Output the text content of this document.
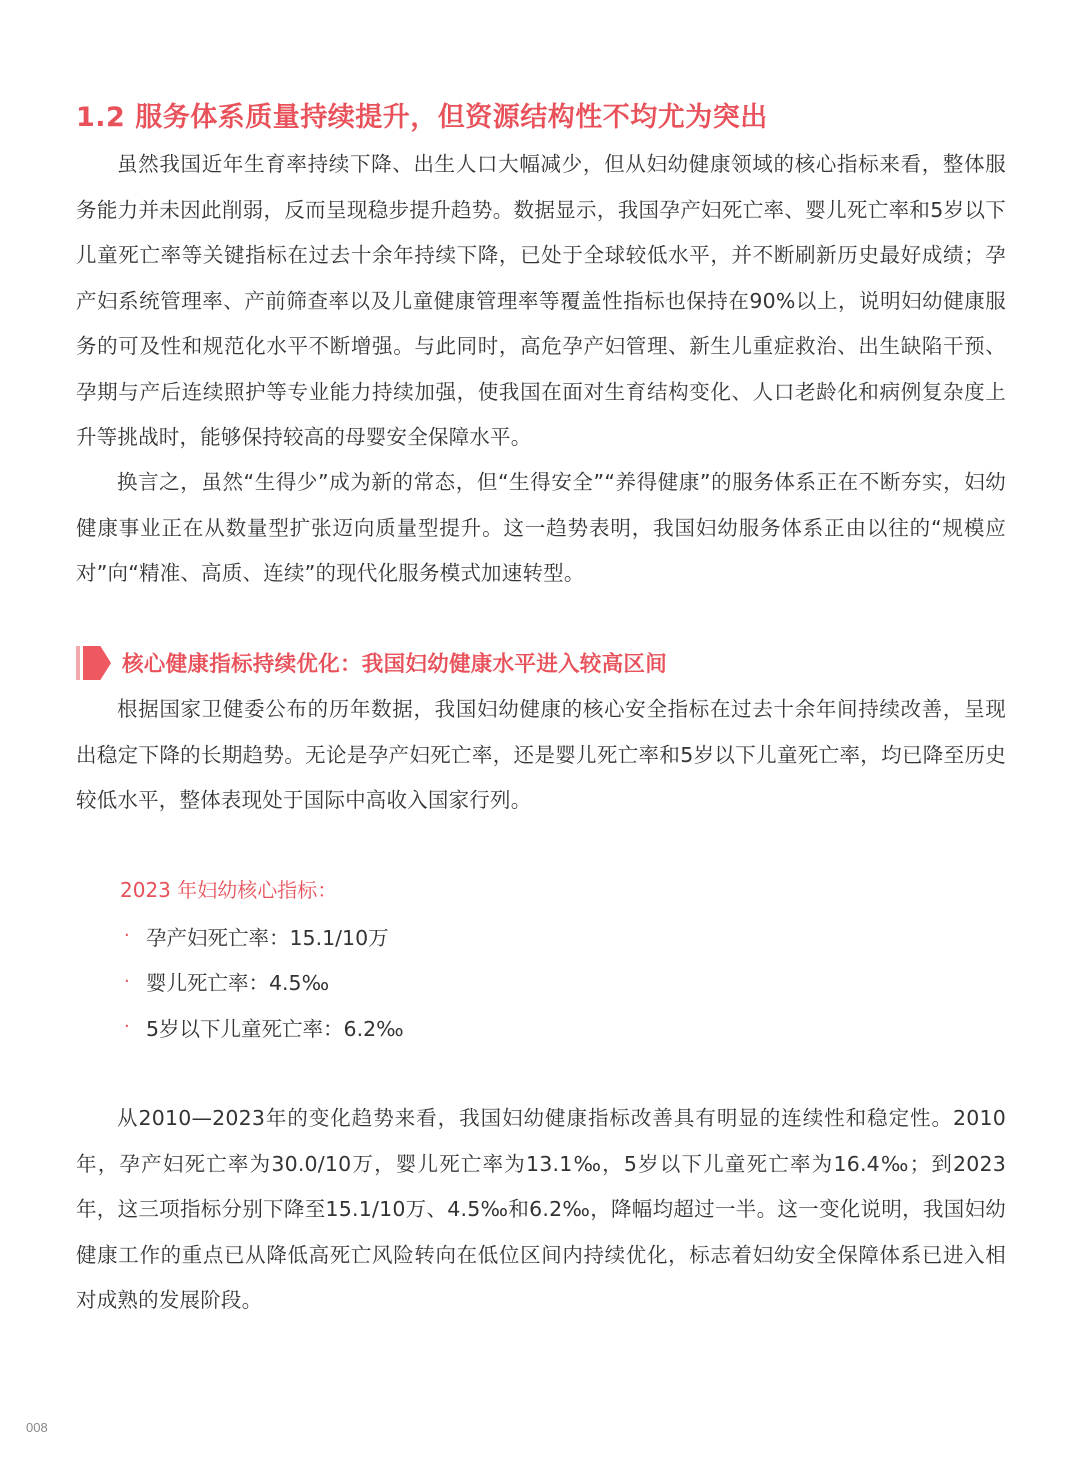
1.2 服务体系质量持续提升，但资源结构性不均尤为突出

虽然我国近年生育率持续下降、出生人口大幅减少，但从妇幼健康领域的核心指标来看，整体服务能力并未因此削弱，反而呈现稳步提升趋势。数据显示，我国孕产妇死亡率、婴儿死亡率和5岁以下儿童死亡率等关键指标在过去十余年持续下降，已处于全球较低水平，并不断刷新历史最好成绩；孕产妇系统管理率、产前筛查率以及儿童健康管理率等覆盖性指标也保持在90%以上，说明妇幼健康服务的可及性和规范化水平不断增强。与此同时，高危孕产妇管理、新生儿重症救治、出生缺陷干预、孕期与产后连续照护等专业能力持续加强，使我国在面对生育结构变化、人口老龄化和病例复杂度上升等挑战时，能够保持较高的母婴安全保障水平。

换言之，虽然“生得少”成为新的常态，但“生得安全”“养得健康”的服务体系正在不断夯实，妇幼健康事业正在从数量型扩张迈向质量型提升。这一趋势表明，我国妇幼服务体系正由以往的“规模应对”向“精准、高质、连续”的现代化服务模式加速转型。

核心健康指标持续优化：我国妇幼健康水平进入较高区间

根据国家卫健委公布的历年数据，我国妇幼健康的核心安全指标在过去十余年间持续改善，呈现出稳定下降的长期趋势。无论是孕产妇死亡率，还是婴儿死亡率和5岁以下儿童死亡率，均已降至历史较低水平，整体表现处于国际中高收入国家行列。

2023 年妇幼核心指标：
· 孕产妇死亡率：15.1/10万
· 婴儿死亡率：4.5‰
· 5岁以下儿童死亡率：6.2‰

从2010—2023年的变化趋势来看，我国妇幼健康指标改善具有明显的连续性和稳定性。2010年，孕产妇死亡率为30.0/10万，婴儿死亡率为13.1‰，5岁以下儿童死亡率为16.4‰；到2023年，这三项指标分别下降至15.1/10万、4.5‰和6.2‰，降幅均超过一半。这一变化说明，我国妇幼健康工作的重点已从降低高死亡风险转向在低位区间内持续优化，标志着妇幼安全保障体系已进入相对成熟的发展阶段。

008
